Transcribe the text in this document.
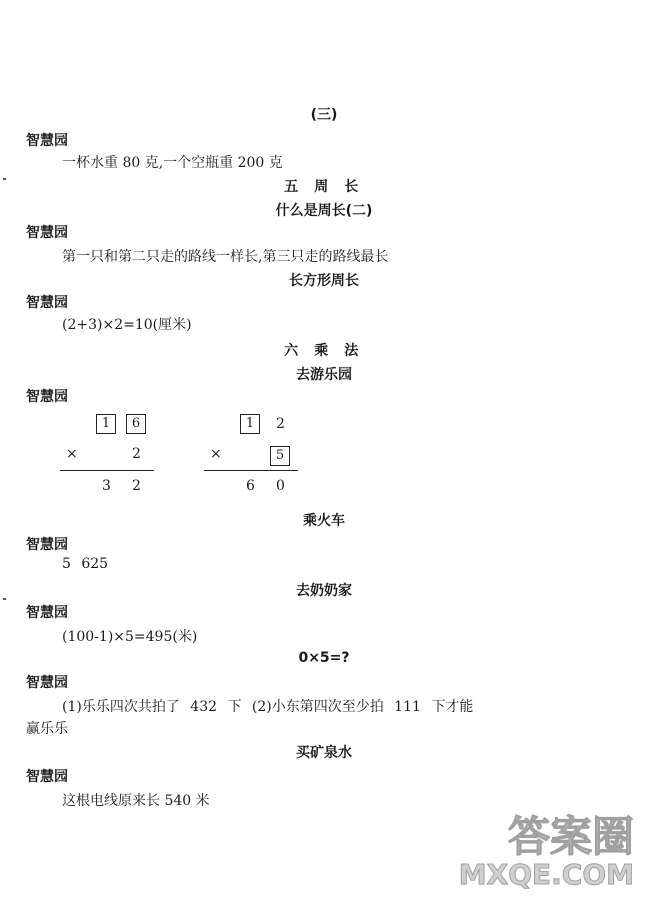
(三)
智慧园
一杯水重 80 克,一个空瓶重 200 克
五 周 长
什么是周长(二)
智慧园
第一只和第二只走的路线一样长,第三只走的路线最长
长方形周长
智慧园
(2+3)×2=10(厘米)
六 乘 法
去游乐园
智慧园
1	6
×	2
3 2
1	2
×	5
6 0
乘火车
智慧园
5 625
去奶奶家
智慧园
(100-1)×5=495(米)
0×5=?
智慧园
(1)乐乐四次共拍了 432 下 (2)小东第四次至少拍 111 下才能
赢乐乐
买矿泉水
智慧园
这根电线原来长 540 米
答案圈
MXQE.COM
